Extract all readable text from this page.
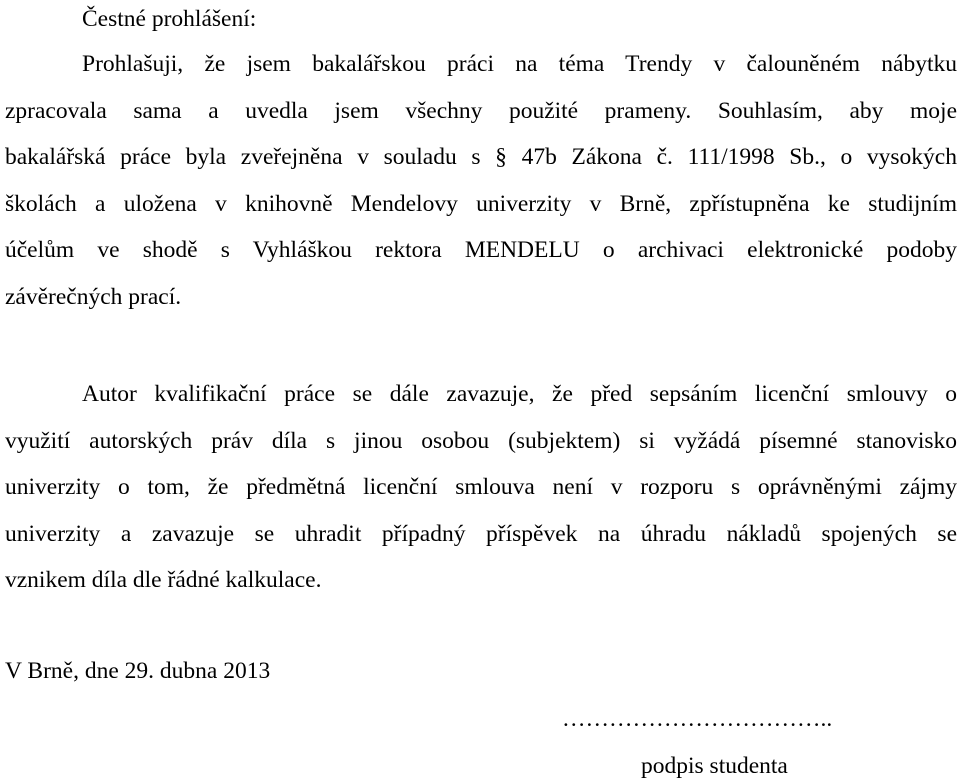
Čestné prohlášení:
Prohlašuji, že jsem bakalářskou práci na téma Trendy v čalouněném nábytku
zpracovala sama a uvedla jsem všechny použité prameny. Souhlasím, aby moje
bakalářská práce byla zveřejněna v souladu s § 47b Zákona č. 111/1998 Sb., o vysokých
školách a uložena v knihovně Mendelovy univerzity v Brně, zpřístupněna ke studijním
účelům ve shodě s Vyhláškou rektora MENDELU o archivaci elektronické podoby
závěrečných prací.
Autor kvalifikační práce se dále zavazuje, že před sepsáním licenční smlouvy o
využití autorských práv díla s jinou osobou (subjektem) si vyžádá písemné stanovisko
univerzity o tom, že předmětná licenční smlouva není v rozporu s oprávněnými zájmy
univerzity a zavazuje se uhradit případný příspěvek na úhradu nákladů spojených se
vznikem díla dle řádné kalkulace.
V Brně, dne 29. dubna 2013
……………………………..
podpis studenta
